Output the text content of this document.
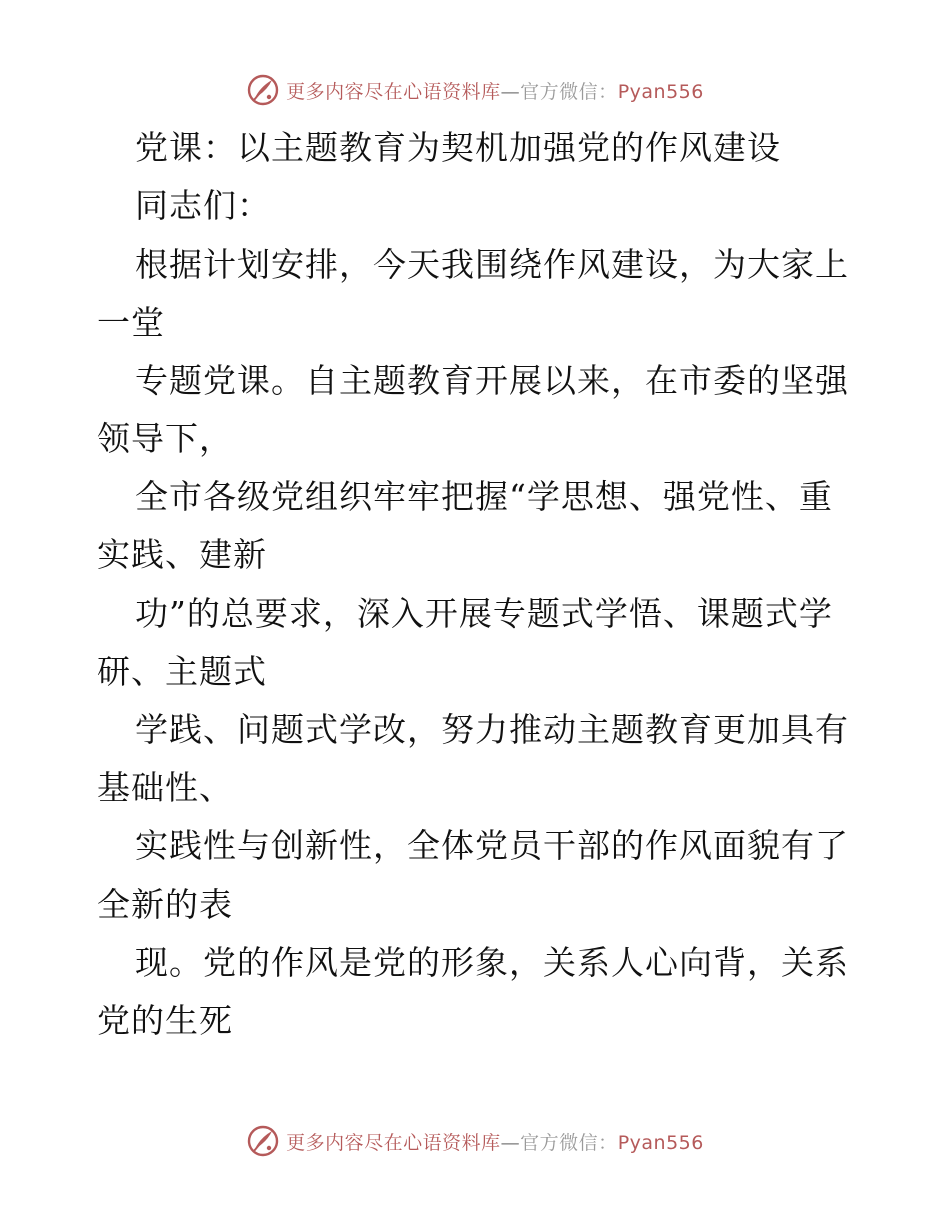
更多内容尽在心语资料库—官方微信：Pyan556
党课：以主题教育为契机加强党的作风建设
同志们：
根据计划安排，今天我围绕作风建设，为大家上
一堂
专题党课。自主题教育开展以来，在市委的坚强
领导下，
全市各级党组织牢牢把握“学思想、强党性、重
实践、建新
功”的总要求，深入开展专题式学悟、课题式学
研、主题式
学践、问题式学改，努力推动主题教育更加具有
基础性、
实践性与创新性，全体党员干部的作风面貌有了
全新的表
现。党的作风是党的形象，关系人心向背，关系
党的生死
更多内容尽在心语资料库—官方微信：Pyan556
